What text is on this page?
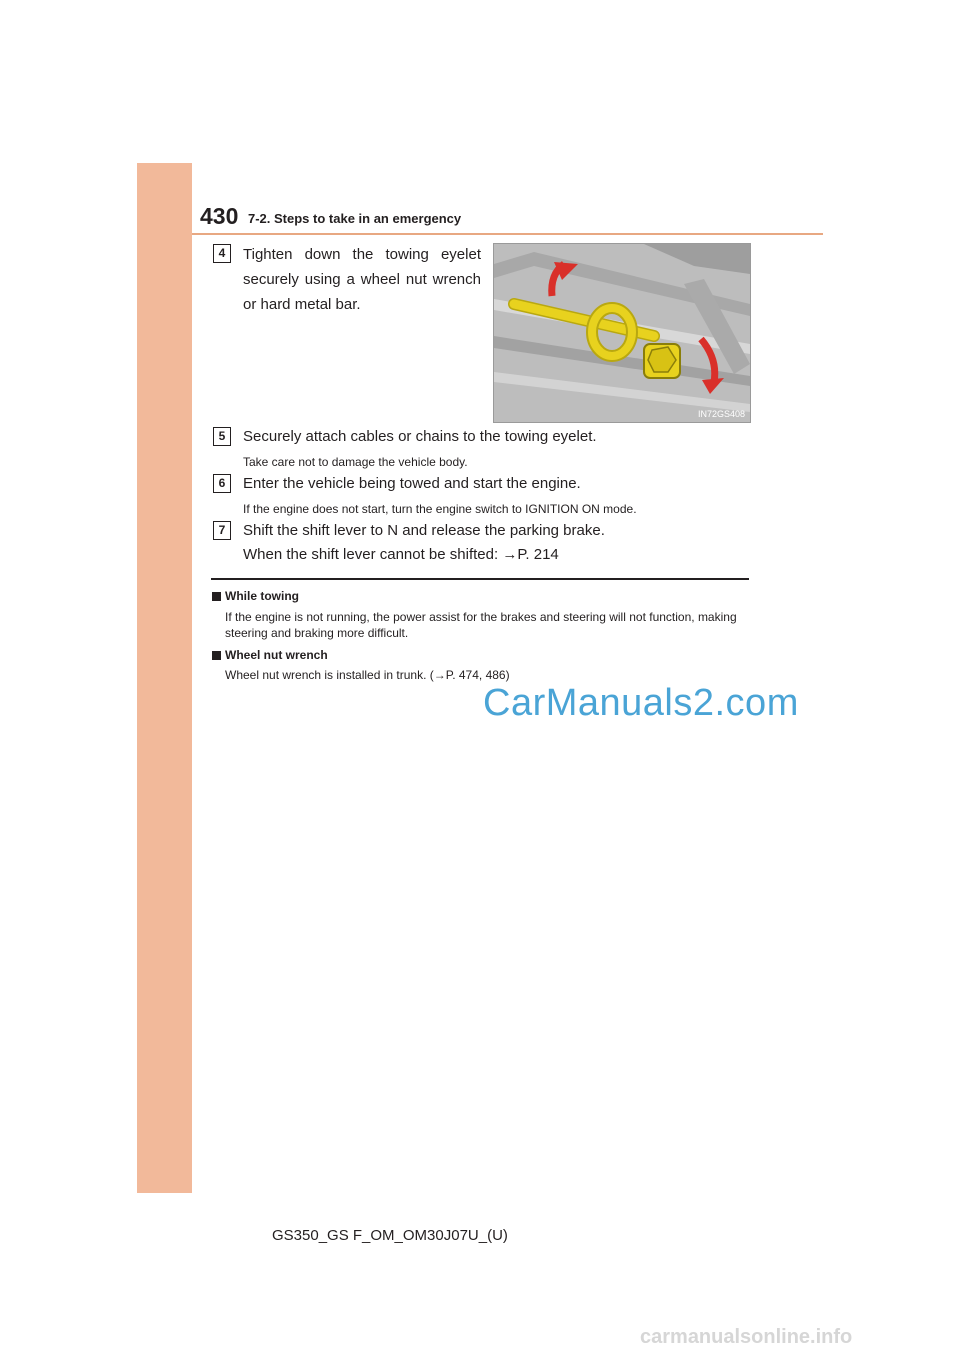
430 7-2. Steps to take in an emergency
4	Tighten down the towing eyelet securely using a wheel nut wrench or hard metal bar.
IN72GS408
5	Securely attach cables or chains to the towing eyelet.
Take care not to damage the vehicle body.
6	Enter the vehicle being towed and start the engine.
If the engine does not start, turn the engine switch to IGNITION ON mode.
7	Shift the shift lever to N and release the parking brake.
When the shift lever cannot be shifted: →P. 214
While towing
If the engine is not running, the power assist for the brakes and steering will not function, making steering and braking more difficult.
Wheel nut wrench
Wheel nut wrench is installed in trunk. (→P. 474, 486)
CarManuals2.com
GS350_GS F_OM_OM30J07U_(U)
carmanualsonline.info
